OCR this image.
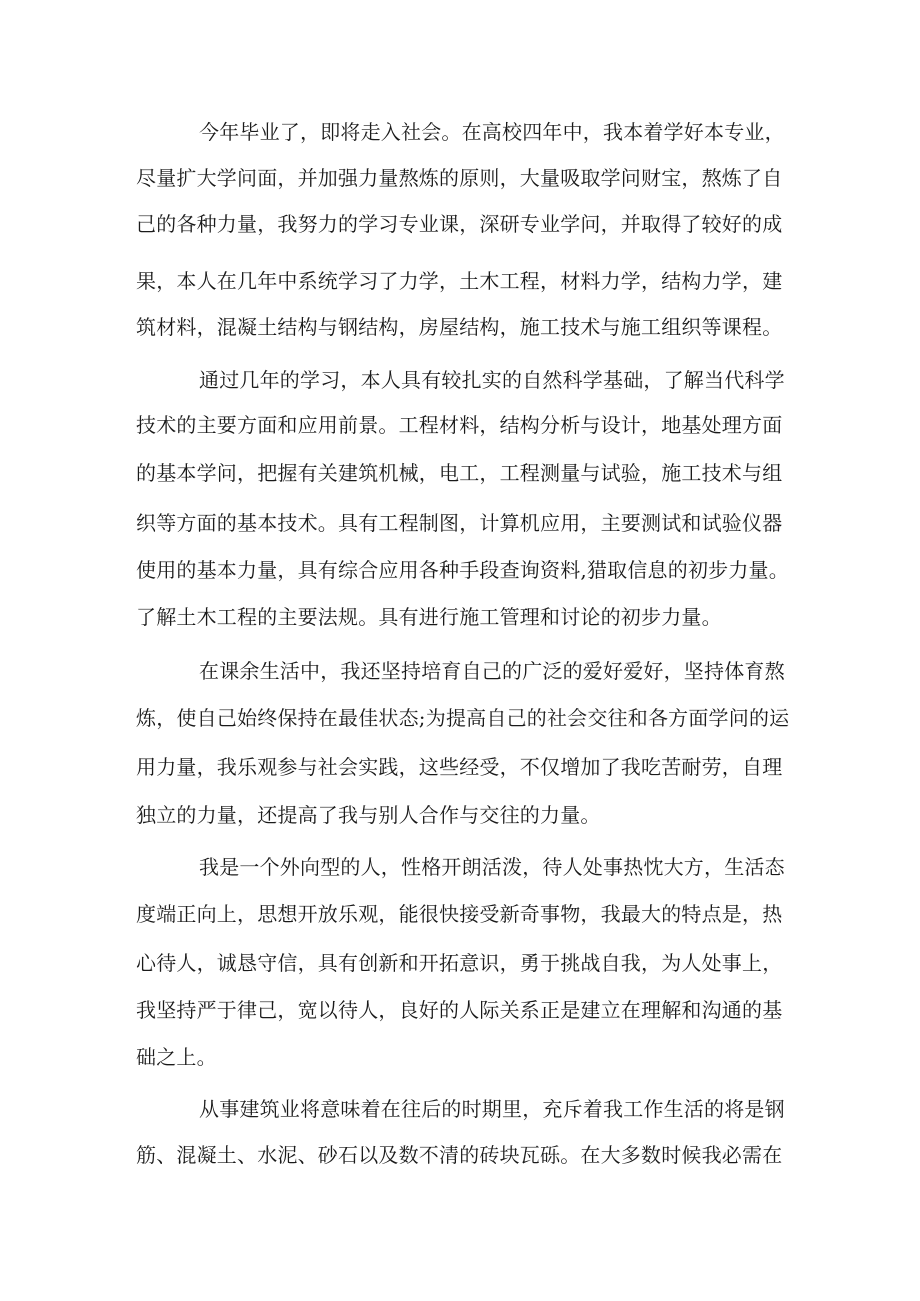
今年毕业了，即将走入社会。在高校四年中，我本着学好本专业，
尽量扩大学问面，并加强力量熬炼的原则，大量吸取学问财宝，熬炼了自
己的各种力量，我努力的学习专业课，深研专业学问，并取得了较好的成
果，本人在几年中系统学习了力学，土木工程，材料力学，结构力学，建
筑材料，混凝土结构与钢结构，房屋结构，施工技术与施工组织等课程。
通过几年的学习，本人具有较扎实的自然科学基础，了解当代科学
技术的主要方面和应用前景。工程材料，结构分析与设计，地基处理方面
的基本学问，把握有关建筑机械，电工，工程测量与试验，施工技术与组
织等方面的基本技术。具有工程制图，计算机应用，主要测试和试验仪器
使用的基本力量，具有综合应用各种手段查询资料,猎取信息的初步力量。
了解土木工程的主要法规。具有进行施工管理和讨论的初步力量。
在课余生活中，我还坚持培育自己的广泛的爱好爱好，坚持体育熬
炼，使自己始终保持在最佳状态;为提高自己的社会交往和各方面学问的运
用力量，我乐观参与社会实践，这些经受，不仅增加了我吃苦耐劳，自理
独立的力量，还提高了我与别人合作与交往的力量。
我是一个外向型的人，性格开朗活泼，待人处事热忱大方，生活态
度端正向上，思想开放乐观，能很快接受新奇事物，我最大的特点是，热
心待人，诚恳守信，具有创新和开拓意识，勇于挑战自我，为人处事上，
我坚持严于律己，宽以待人，良好的人际关系正是建立在理解和沟通的基
础之上。
从事建筑业将意味着在往后的时期里，充斥着我工作生活的将是钢
筋、混凝土、水泥、砂石以及数不清的砖块瓦砾。在大多数时候我必需在
